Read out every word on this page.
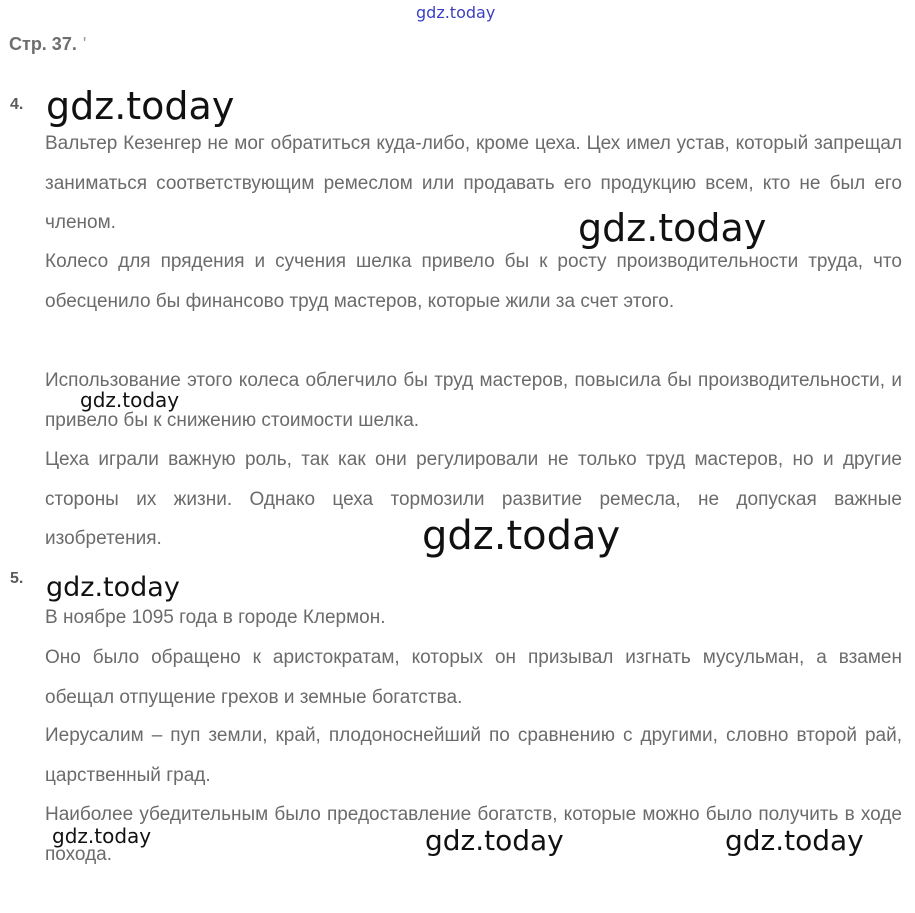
gdz.today
Стр. 37. '
4.
Вальтер Кезенгер не мог обратиться куда-либо, кроме цеха. Цех имел устав, который запрещал заниматься соответствующим ремеслом или продавать его продукцию всем, кто не был его членом.
Колесо для прядения и сучения шелка привело бы к росту производительности труда, что обесценило бы финансово труд мастеров, которые жили за счет этого.
Использование этого колеса облегчило бы труд мастеров, повысила бы производительности, и привело бы к снижению стоимости шелка.
Цеха играли важную роль, так как они регулировали не только труд мастеров, но и другие стороны их жизни. Однако цеха тормозили развитие ремесла, не допуская важные изобретения.
5.
В ноябре 1095 года в городе Клермон.
Оно было обращено к аристократам, которых он призывал изгнать мусульман, а взамен обещал отпущение грехов и земные богатства.
Иерусалим – пуп земли, край, плодоноснейший по сравнению с другими, словно второй рай, царственный град.
Наиболее убедительным было предоставление богатств, которые можно было получить в ходе похода.
gdz.today
gdz.today
gdz.today
gdz.today
gdz.today
gdz.today	gdz.today	gdz.today
